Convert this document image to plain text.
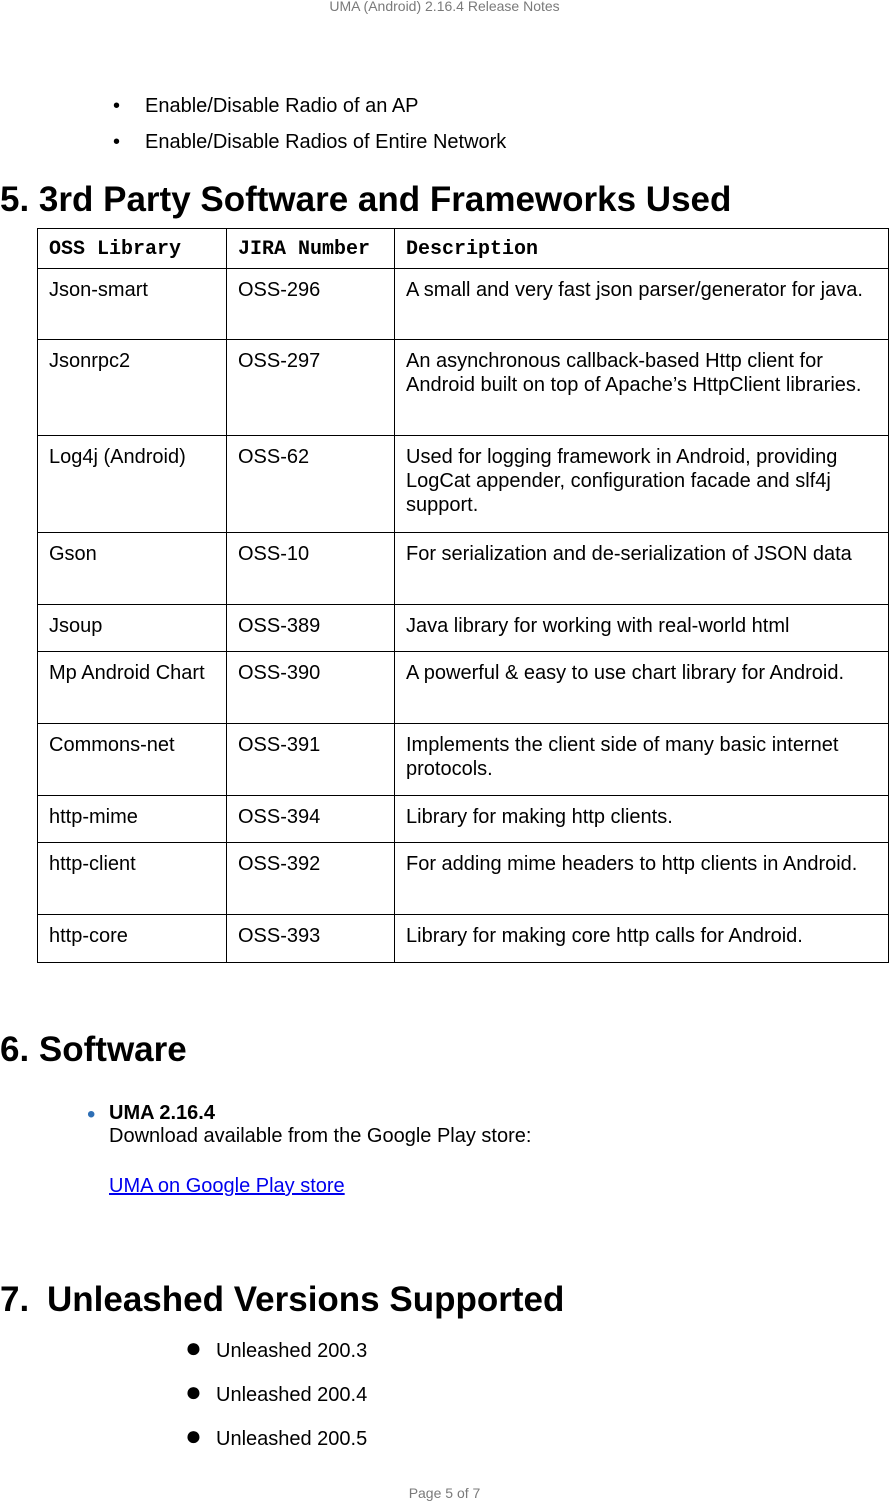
UMA (Android) 2.16.4 Release Notes
• Enable/Disable Radio of an AP
• Enable/Disable Radios of Entire Network
5. 3rd Party Software and Frameworks Used
OSS Library	JIRA Number	Description
Json-smart	OSS-296	A small and very fast json parser/generator for java.
Jsonrpc2	OSS-297	An asynchronous callback-based Http client for Android built on top of Apache’s HttpClient libraries.
Log4j (Android)	OSS-62	Used for logging framework in Android, providing LogCat appender, configuration facade and slf4j support.
Gson	OSS-10	For serialization and de-serialization of JSON data
Jsoup	OSS-389	Java library for working with real-world html
Mp Android Chart	OSS-390	A powerful & easy to use chart library for Android.
Commons-net	OSS-391	Implements the client side of many basic internet protocols.
http-mime	OSS-394	Library for making http clients.
http-client	OSS-392	For adding mime headers to http clients in Android.
http-core	OSS-393	Library for making core http calls for Android.
6. Software
• UMA 2.16.4
Download available from the Google Play store:
UMA on Google Play store
7. Unleashed Versions Supported
● Unleashed 200.3
● Unleashed 200.4
● Unleashed 200.5
Page 5 of 7
